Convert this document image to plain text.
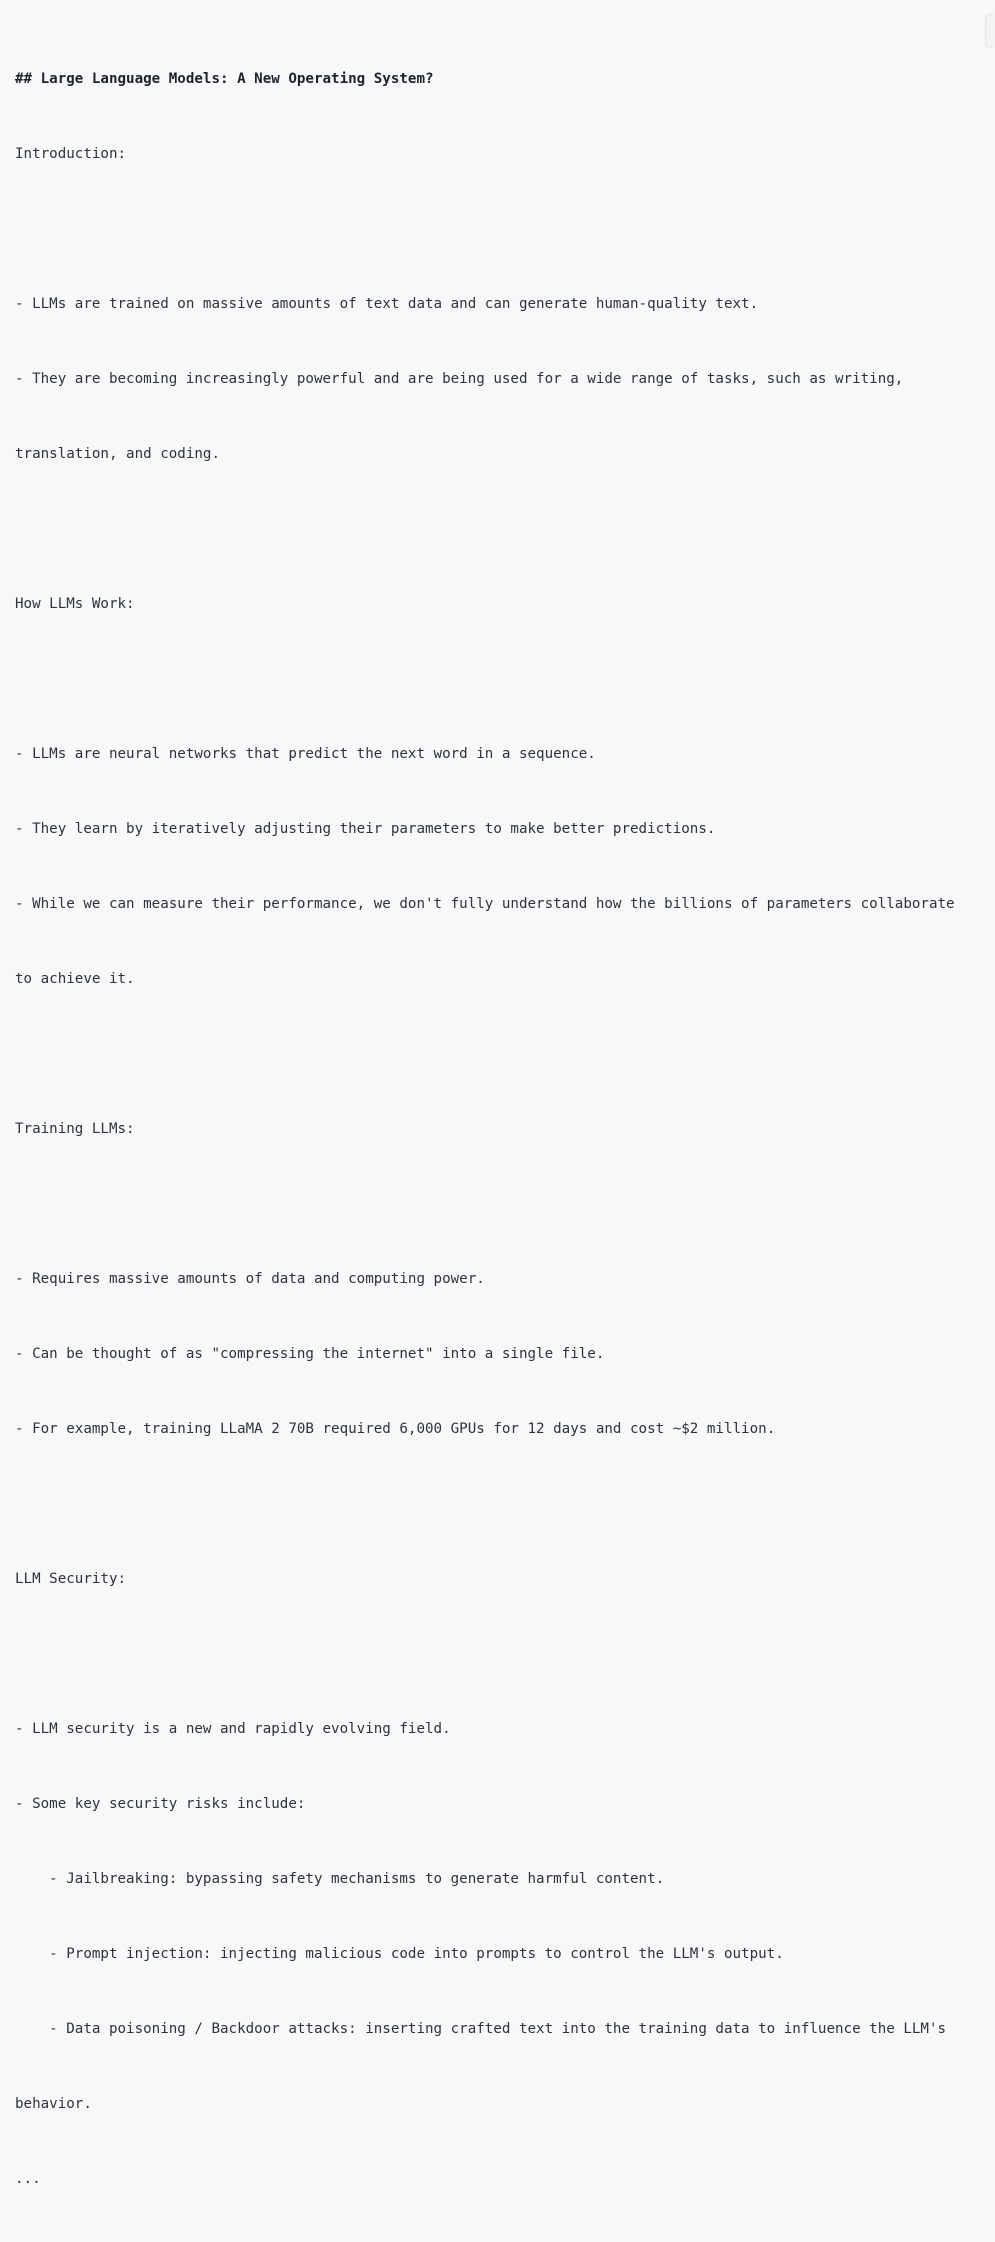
## Large Language Models: A New Operating System?

Introduction:

- LLMs are trained on massive amounts of text data and can generate human-quality text.

- They are becoming increasingly powerful and are being used for a wide range of tasks, such as writing,

translation, and coding.

How LLMs Work:

- LLMs are neural networks that predict the next word in a sequence.

- They learn by iteratively adjusting their parameters to make better predictions.

- While we can measure their performance, we don't fully understand how the billions of parameters collaborate

to achieve it.

Training LLMs:

- Requires massive amounts of data and computing power.

- Can be thought of as "compressing the internet" into a single file.

- For example, training LLaMA 2 70B required 6,000 GPUs for 12 days and cost ~$2 million.

LLM Security:

- LLM security is a new and rapidly evolving field.

- Some key security risks include:

- Jailbreaking: bypassing safety mechanisms to generate harmful content.

- Prompt injection: injecting malicious code into prompts to control the LLM's output.

- Data poisoning / Backdoor attacks: inserting crafted text into the training data to influence the LLM's

behavior.

...
